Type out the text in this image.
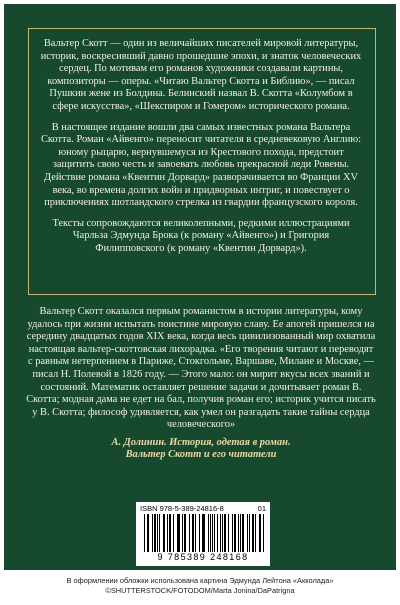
Вальтер Скотт — один из величайших писателей мировой литературы, историк, воскресивший давно прошедшие эпохи, и знаток человеческих сердец. По мотивам его романов художники создавали картины, композиторы — оперы. «Читаю Вальтер Скотта и Библию», — писал Пушкин жене из Болдина. Белинский назвал В. Скотта «Колумбом в сфере искусства», «Шекспиром и Гомером» исторического романа.

В настоящее издание вошли два самых известных романа Вальтера Скотта. Роман «Айвенго» переносит читателя в средневековую Англию: юному рыцарю, вернувшемуся из Крестового похода, предстоит защитить свою честь и завоевать любовь прекрасной леди Ровены. Действие романа «Квентин Дорвард» разворачивается во Франции XV века, во времена долгих войн и придворных интриг, и повествует о приключениях шотландского стрелка из гвардии французского короля.

Тексты сопровождаются великолепными, редкими иллюстрациями Чарльза Эдмунда Брока (к роману «Айвенго») и Григория Филипповского (к роману «Квентин Дорвард»).

Вальтер Скотт оказался первым романистом в истории литературы, кому удалось при жизни испытать поистине мировую славу. Ее апогей пришелся на середину двадцатых годов XIX века, когда весь цивилизованный мир охватила настоящая вальтер-скоттовская лихорадка. «Его творения читают и переводят с равным нетерпением в Париже, Стокгольме, Варшаве, Милане и Москве, — писал Н. Полевой в 1826 году. — Этого мало: он мирит вкусы всех званий и состояний. Математик оставляет решение задачи и дочитывает роман В. Скотта; модная дама не едет на бал, получив роман его; историк учится писать у В. Скотта; философ удивляется, как умел он разгадать такие тайны сердца человеческого»

А. Долинин. История, одетая в роман.
Вальтер Скотт и его читатели
ISBN 978-5-389-24816-8	01
9 785389 248168
В оформлении обложки использована картина Эдмунда Лейтона «Акколада»
©SHUTTERSTOCK/FOTODOM/Marta Jonina/DaPatrigna
